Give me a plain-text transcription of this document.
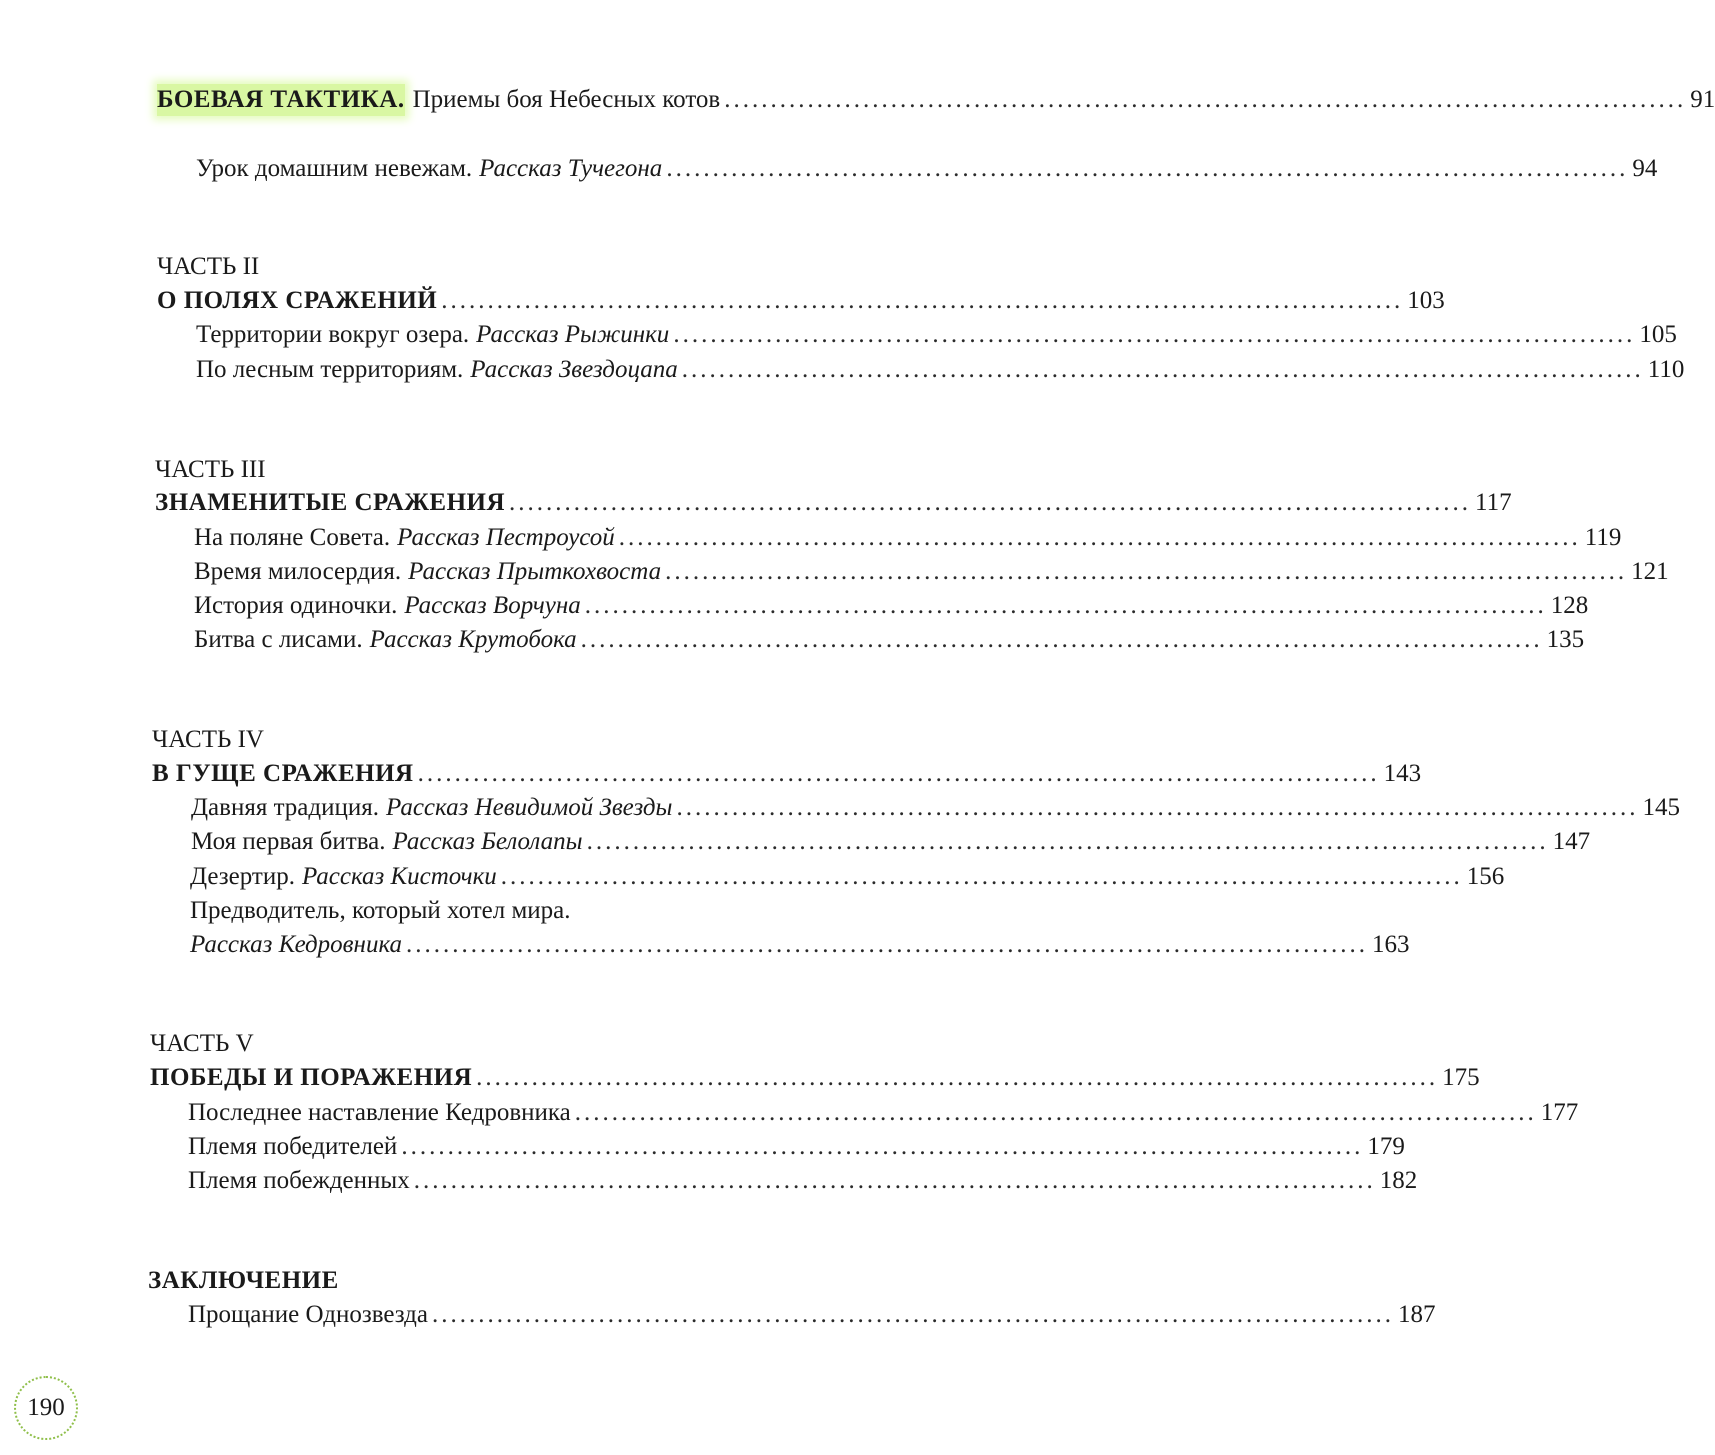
БОЕВАЯ ТАКТИКА. Приемы боя Небесных котов ........................................................................................................ 91
Урок домашним невежам. Рассказ Тучегона ........................................................................................................ 94
ЧАСТЬ II
О ПОЛЯХ СРАЖЕНИЙ ........................................................................................................ 103
Территории вокруг озера. Рассказ Рыжинки ........................................................................................................ 105
По лесным территориям. Рассказ Звездоцапа ........................................................................................................ 110
ЧАСТЬ III
ЗНАМЕНИТЫЕ СРАЖЕНИЯ ........................................................................................................ 117
На поляне Совета. Рассказ Пестроусой ........................................................................................................ 119
Время милосердия. Рассказ Прыткохвоста ........................................................................................................ 121
История одиночки. Рассказ Ворчуна ........................................................................................................ 128
Битва с лисами. Рассказ Крутобока ........................................................................................................ 135
ЧАСТЬ IV
В ГУЩЕ СРАЖЕНИЯ ........................................................................................................ 143
Давняя традиция. Рассказ Невидимой Звезды ........................................................................................................ 145
Моя первая битва. Рассказ Белолапы ........................................................................................................ 147
Дезертир. Рассказ Кисточки ........................................................................................................ 156
Предводитель, который хотел мира.
Рассказ Кедровника ........................................................................................................ 163
ЧАСТЬ V
ПОБЕДЫ И ПОРАЖЕНИЯ ........................................................................................................ 175
Последнее наставление Кедровника ........................................................................................................ 177
Племя победителей ........................................................................................................ 179
Племя побежденных ........................................................................................................ 182
ЗАКЛЮЧЕНИЕ
Прощание Однозвезда ........................................................................................................ 187
190
